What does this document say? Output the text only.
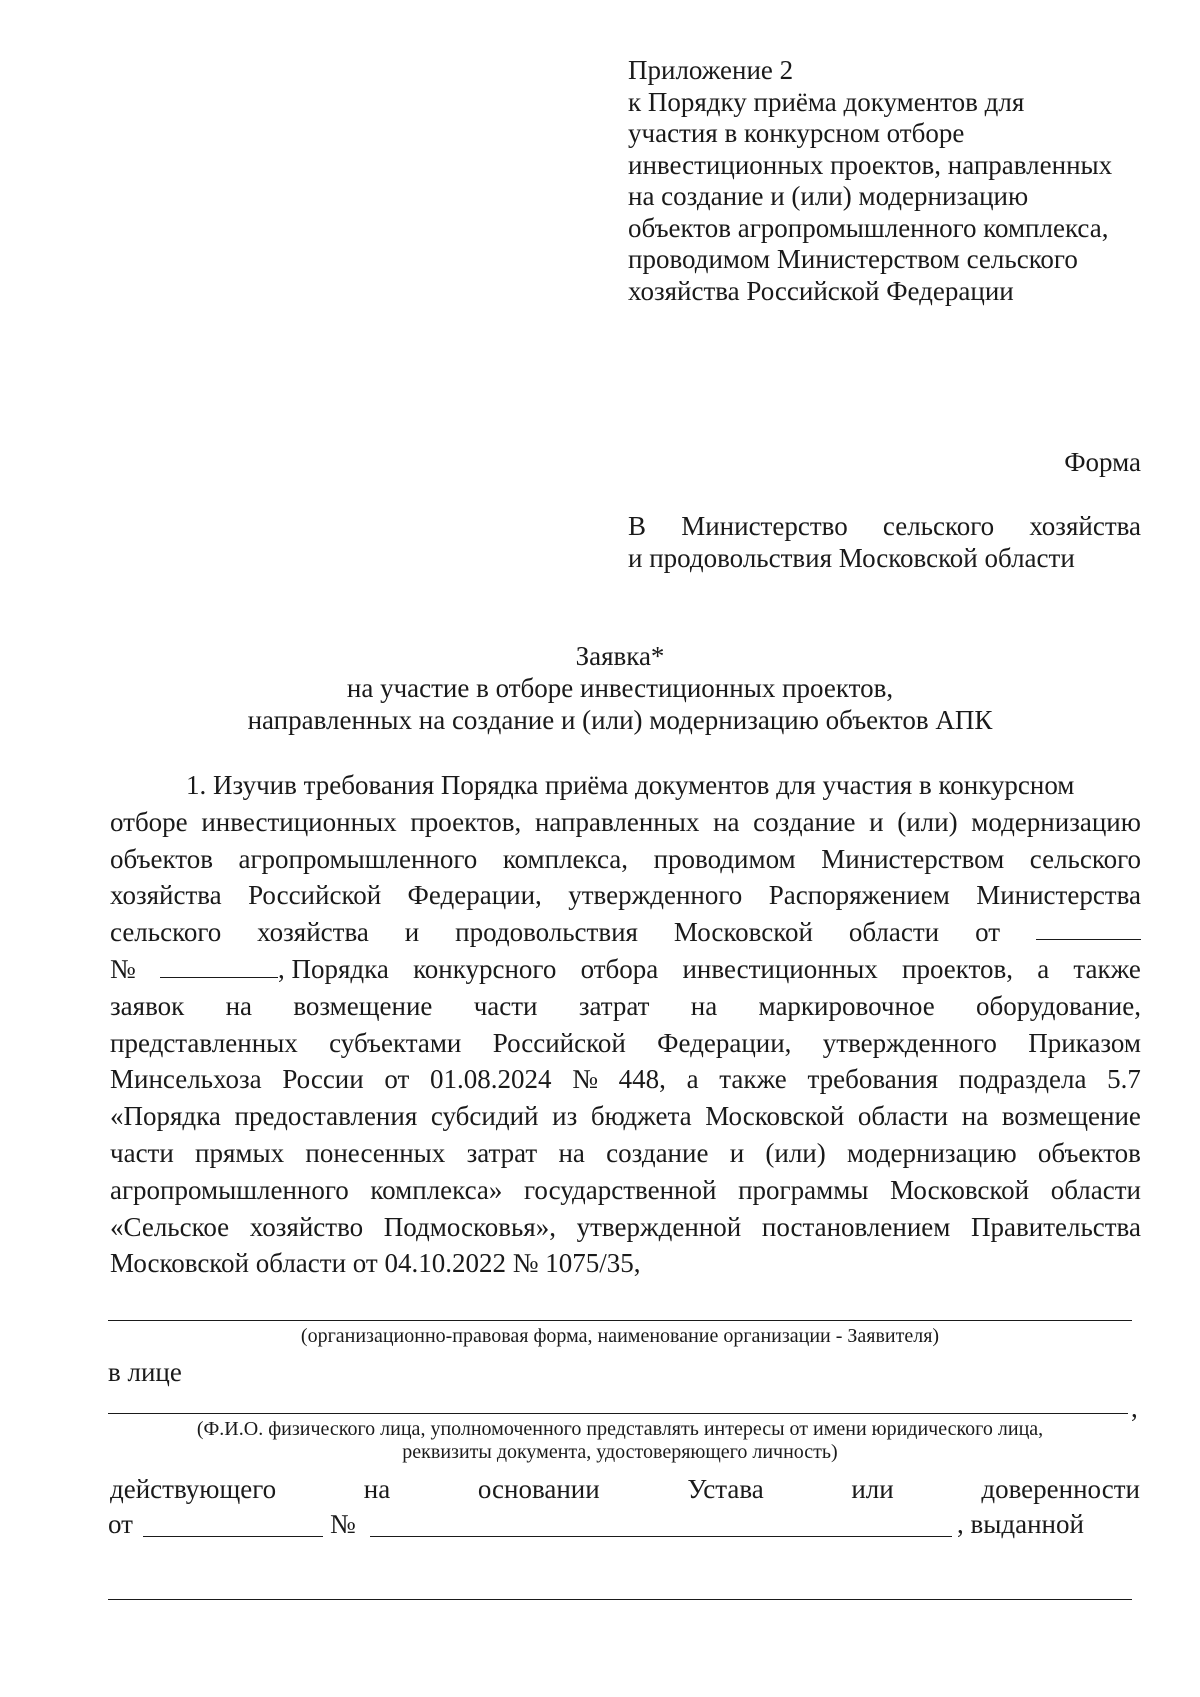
Приложение 2
к Порядку приёма документов для
участия в конкурсном отборе
инвестиционных проектов, направленных
на создание и (или) модернизацию
объектов агропромышленного комплекса,
проводимом Министерством сельского
хозяйства Российской Федерации
Форма
В Министерство сельского хозяйства
и продовольствия Московской области
Заявка*
на участие в отборе инвестиционных проектов,
направленных на создание и (или) модернизацию объектов АПК
1. Изучив требования Порядка приёма документов для участия в конкурсном
отборе инвестиционных проектов, направленных на создание и (или) модернизацию
объектов агропромышленного комплекса, проводимом Министерством сельского
хозяйства Российской Федерации, утвержденного Распоряжением Министерства
сельского хозяйства и продовольствия Московской области от
№	, Порядка конкурсного отбора инвестиционных проектов, а также
заявок на возмещение части затрат на маркировочное оборудование,
представленных субъектами Российской Федерации, утвержденного Приказом
Минсельхоза России от 01.08.2024 № 448, а также требования подраздела 5.7
«Порядка предоставления субсидий из бюджета Московской области на возмещение
части прямых понесенных затрат на создание и (или) модернизацию объектов
агропромышленного комплекса» государственной программы Московской области
«Сельское хозяйство Подмосковья», утвержденной постановлением Правительства
Московской области от 04.10.2022 № 1075/35,
(организационно-правовая форма, наименование организации - Заявителя)
в лице
,
(Ф.И.О. физического лица, уполномоченного представлять интересы от имени юридического лица,
реквизиты документа, удостоверяющего личность)
действующего	на	основании	Устава	или	доверенности
от	№	, выданной
